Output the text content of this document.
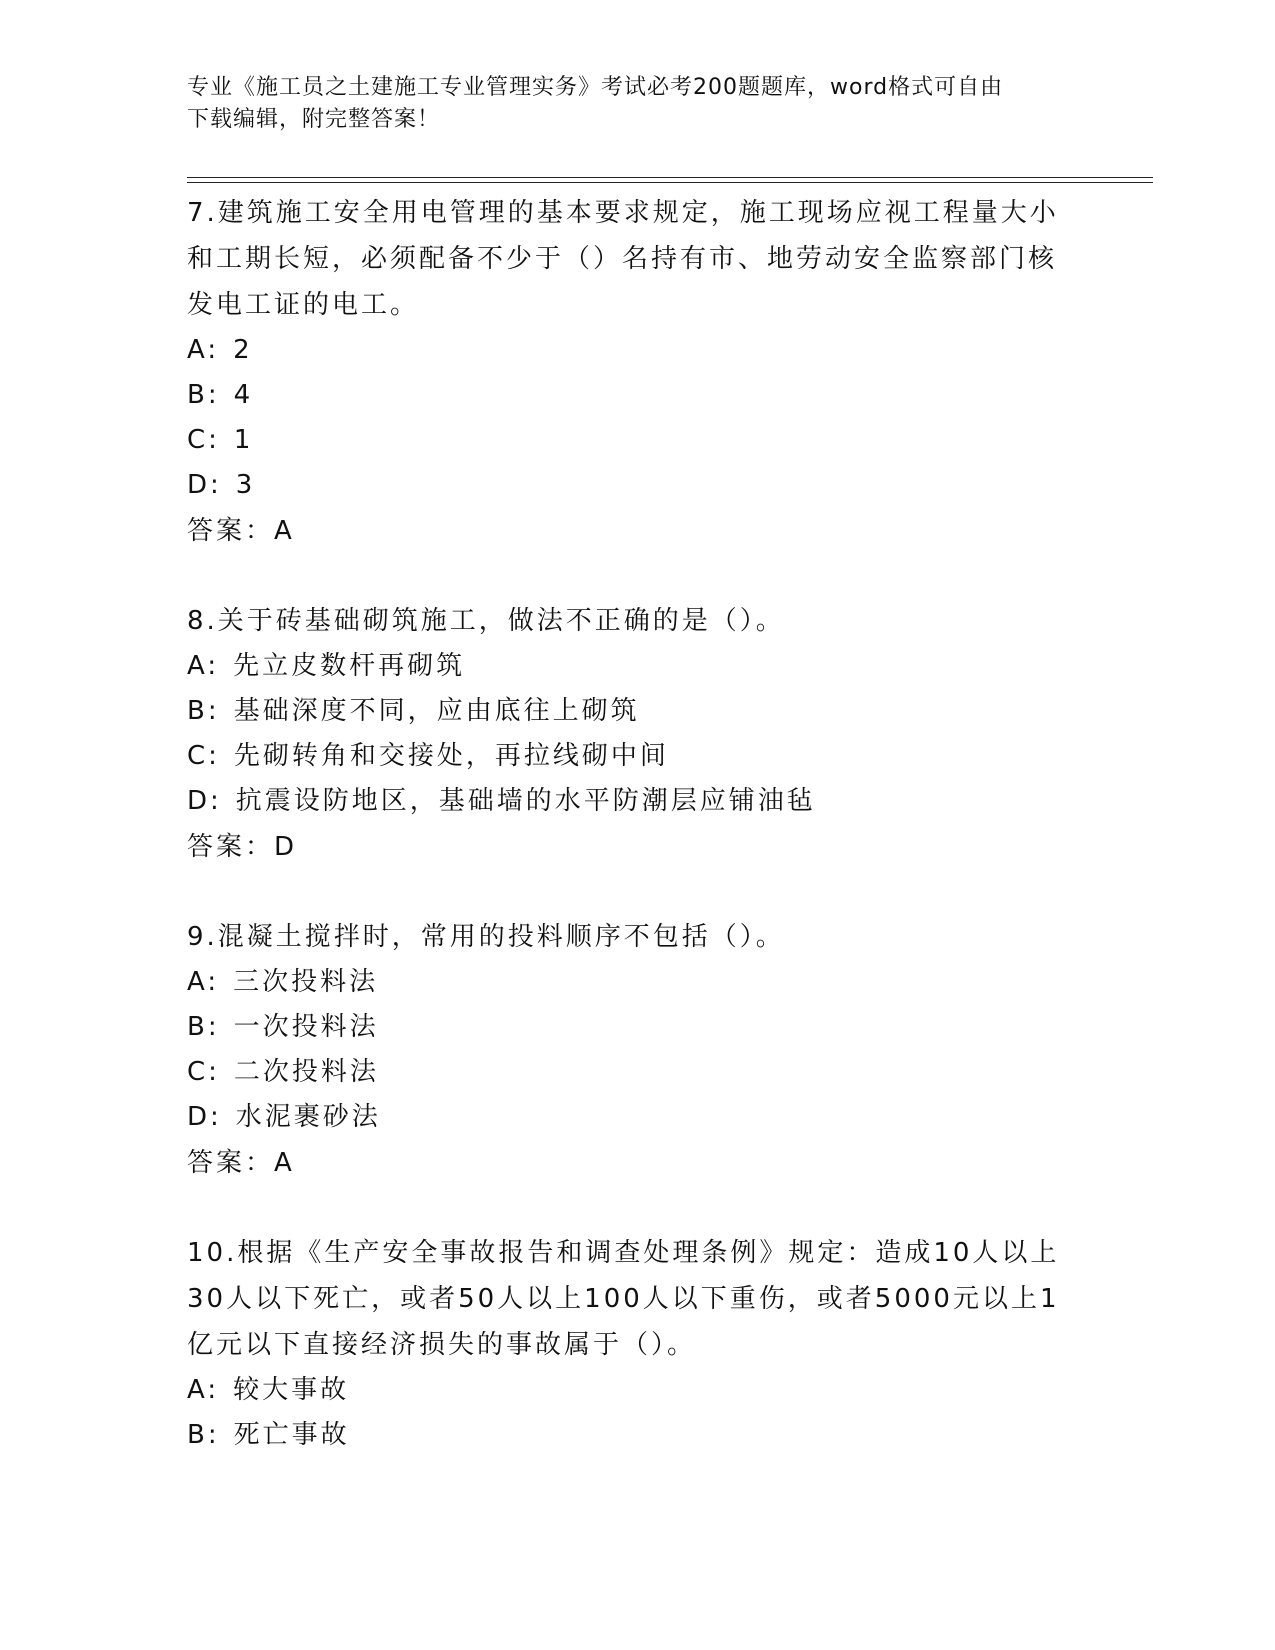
专业《施工员之土建施工专业管理实务》考试必考200题题库，word格式可自由
下载编辑，附完整答案！
7.建筑施工安全用电管理的基本要求规定，施工现场应视工程量大小
和工期长短，必须配备不少于（）名持有市、地劳动安全监察部门核
发电工证的电工。
A: 2
B: 4
C: 1
D: 3
答案：A
8.关于砖基础砌筑施工，做法不正确的是（）。
A: 先立皮数杆再砌筑
B: 基础深度不同，应由底往上砌筑
C: 先砌转角和交接处，再拉线砌中间
D: 抗震设防地区，基础墙的水平防潮层应铺油毡
答案：D
9.混凝土搅拌时，常用的投料顺序不包括（）。
A: 三次投料法
B: 一次投料法
C: 二次投料法
D: 水泥裹砂法
答案：A
10.根据《生产安全事故报告和调查处理条例》规定：造成10人以上
30人以下死亡，或者50人以上100人以下重伤，或者5000元以上1
亿元以下直接经济损失的事故属于（）。
A: 较大事故
B: 死亡事故
